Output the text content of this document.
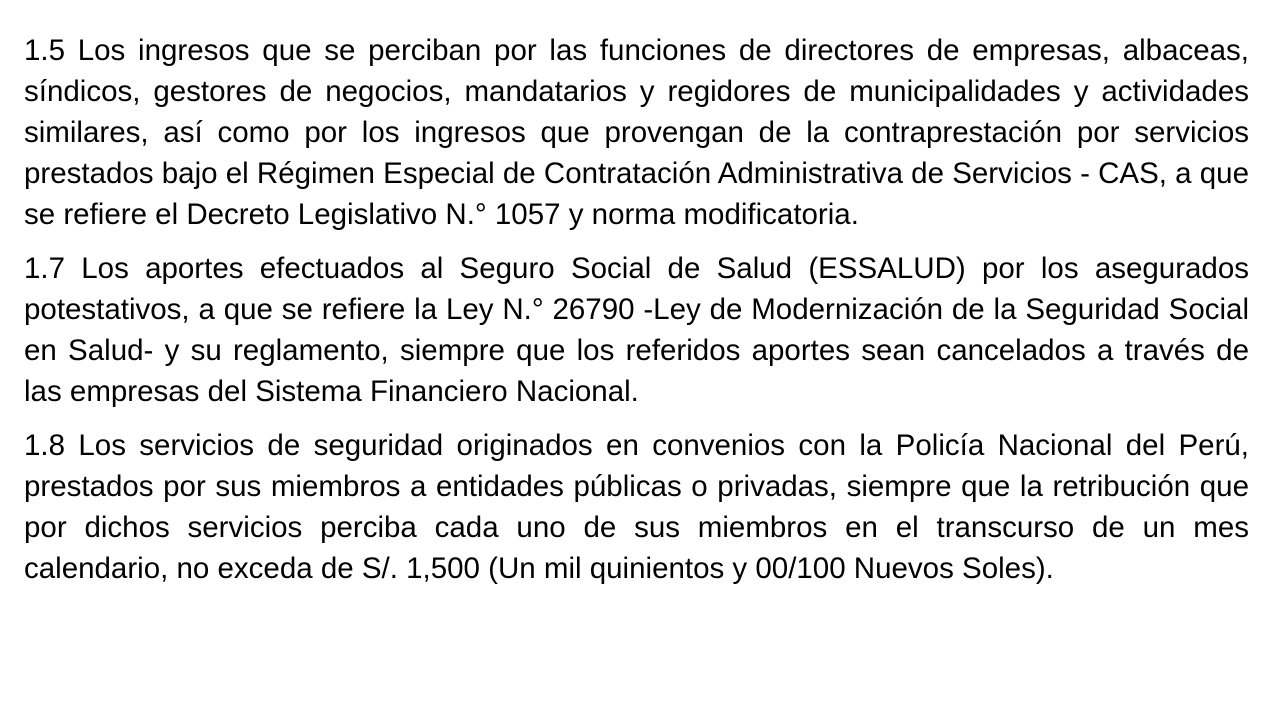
1.5 Los ingresos que se perciban por las funciones de directores de empresas, albaceas, síndicos, gestores de negocios, mandatarios y regidores de municipalidades y actividades similares, así como por los ingresos que provengan de la contraprestación por servicios prestados bajo el Régimen Especial de Contratación Administrativa de Servicios - CAS, a que se refiere el Decreto Legislativo N.° 1057 y norma modificatoria.

1.7 Los aportes efectuados al Seguro Social de Salud (ESSALUD) por los asegurados potestativos, a que se refiere la Ley N.° 26790 -Ley de Modernización de la Seguridad Social en Salud- y su reglamento, siempre que los referidos aportes sean cancelados a través de las empresas del Sistema Financiero Nacional.

1.8 Los servicios de seguridad originados en convenios con la Policía Nacional del Perú, prestados por sus miembros a entidades públicas o privadas, siempre que la retribución que por dichos servicios perciba cada uno de sus miembros en el transcurso de un mes calendario, no exceda de S/. 1,500 (Un mil quinientos y 00/100 Nuevos Soles).
